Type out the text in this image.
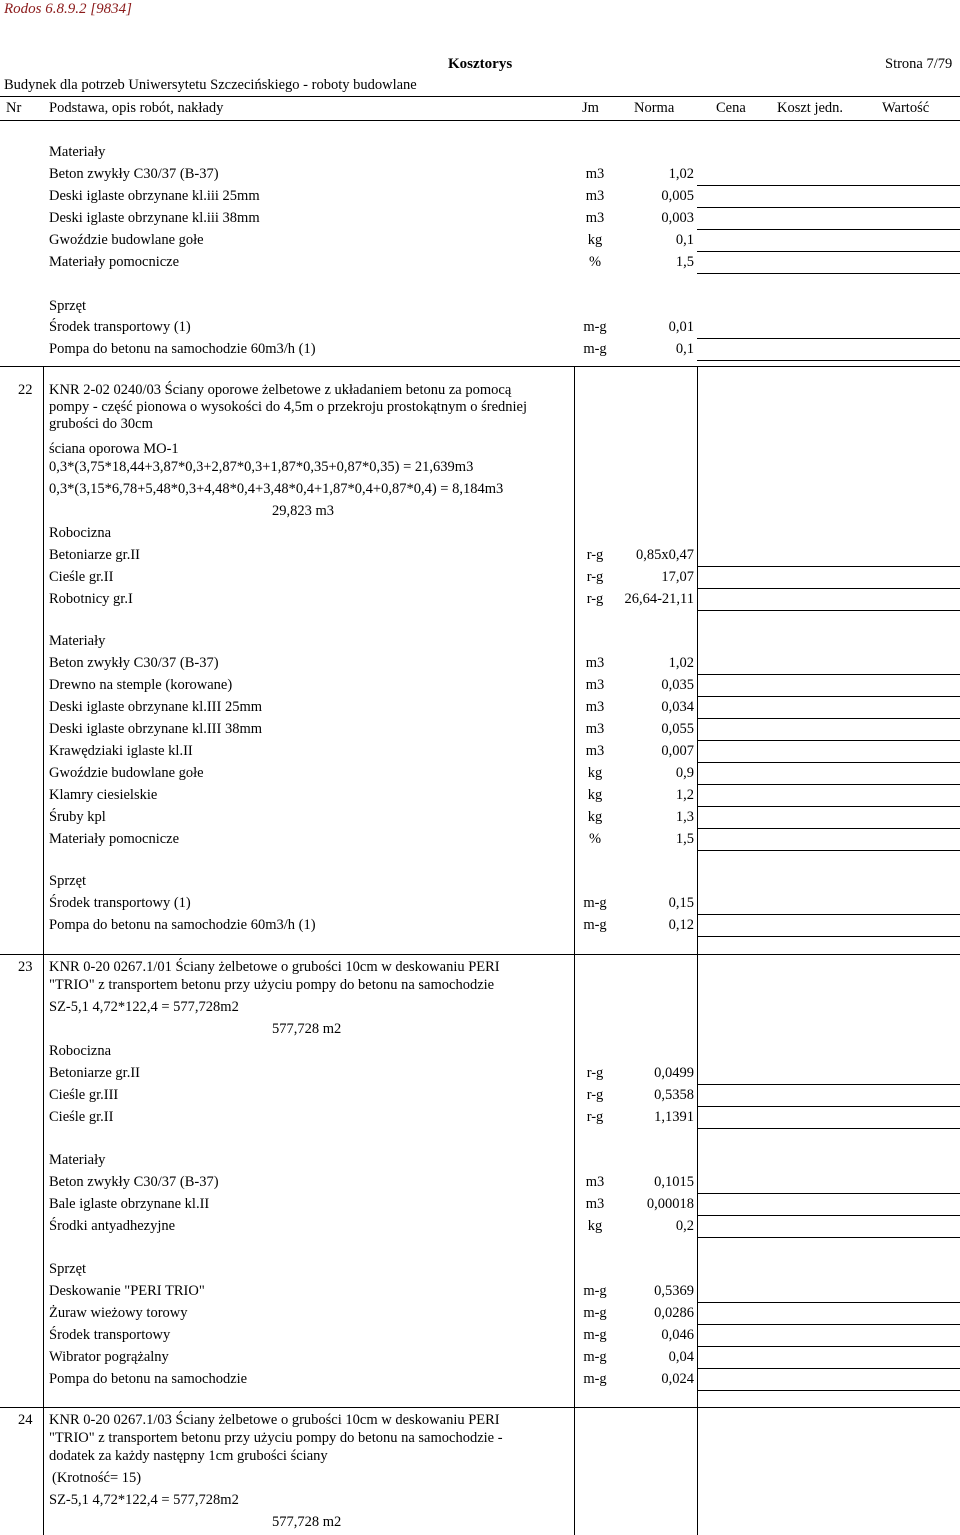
Rodos 6.8.9.2 [9834]
Kosztorys	Strona 7/79
Budynek dla potrzeb Uniwersytetu Szczecińskiego - roboty budowlane
Nr Podstawa, opis robót, nakłady	Jm Norma	Cena Koszt jedn.	Wartość
Materiały
Beton zwykły C30/37 (B-37)	m3	1,02
Deski iglaste obrzynane kl.iii 25mm	m3	0,005
Deski iglaste obrzynane kl.iii 38mm	m3	0,003
Gwoździe budowlane gołe	kg	0,1
Materiały pomocnicze	%	1,5
Sprzęt
Środek transportowy (1)	m-g	0,01
Pompa do betonu na samochodzie 60m3/h (1)	m-g	0,1
22 KNR 2-02 0240/03 Ściany oporowe żelbetowe z układaniem betonu za pomocą
pompy - część pionowa o wysokości do 4,5m o przekroju prostokątnym o średniej
grubości do 30cm
ściana oporowa MO-1
0,3*(3,75*18,44+3,87*0,3+2,87*0,3+1,87*0,35+0,87*0,35) = 21,639m3
0,3*(3,15*6,78+5,48*0,3+4,48*0,4+3,48*0,4+1,87*0,4+0,87*0,4) = 8,184m3
29,823 m3
Robocizna
Betoniarze gr.II	r-g	0,85x0,47
Cieśle gr.II	r-g	17,07
Robotnicy gr.I	r-g	26,64-21,11
Materiały
Beton zwykły C30/37 (B-37)	m3	1,02
Drewno na stemple (korowane)	m3	0,035
Deski iglaste obrzynane kl.III 25mm	m3	0,034
Deski iglaste obrzynane kl.III 38mm	m3	0,055
Krawędziaki iglaste kl.II	m3	0,007
Gwoździe budowlane gołe	kg	0,9
Klamry ciesielskie	kg	1,2
Śruby kpl	kg	1,3
Materiały pomocnicze	%	1,5
Sprzęt
Środek transportowy (1)	m-g	0,15
Pompa do betonu na samochodzie 60m3/h (1)	m-g	0,12
23 KNR 0-20 0267.1/01 Ściany żelbetowe o grubości 10cm w deskowaniu PERI
"TRIO" z transportem betonu przy użyciu pompy do betonu na samochodzie
SZ-5,1 4,72*122,4 = 577,728m2
577,728 m2
Robocizna
Betoniarze gr.II	r-g	0,0499
Cieśle gr.III	r-g	0,5358
Cieśle gr.II	r-g	1,1391
Materiały
Beton zwykły C30/37 (B-37)	m3	0,1015
Bale iglaste obrzynane kl.II	m3	0,00018
Środki antyadhezyjne	kg	0,2
Sprzęt
Deskowanie "PERI TRIO"	m-g	0,5369
Żuraw wieżowy torowy	m-g	0,0286
Środek transportowy	m-g	0,046
Wibrator pogrążalny	m-g	0,04
Pompa do betonu na samochodzie	m-g	0,024
24 KNR 0-20 0267.1/03 Ściany żelbetowe o grubości 10cm w deskowaniu PERI
"TRIO" z transportem betonu przy użyciu pompy do betonu na samochodzie -
dodatek za każdy następny 1cm grubości ściany
(Krotność= 15)
SZ-5,1 4,72*122,4 = 577,728m2
577,728 m2
